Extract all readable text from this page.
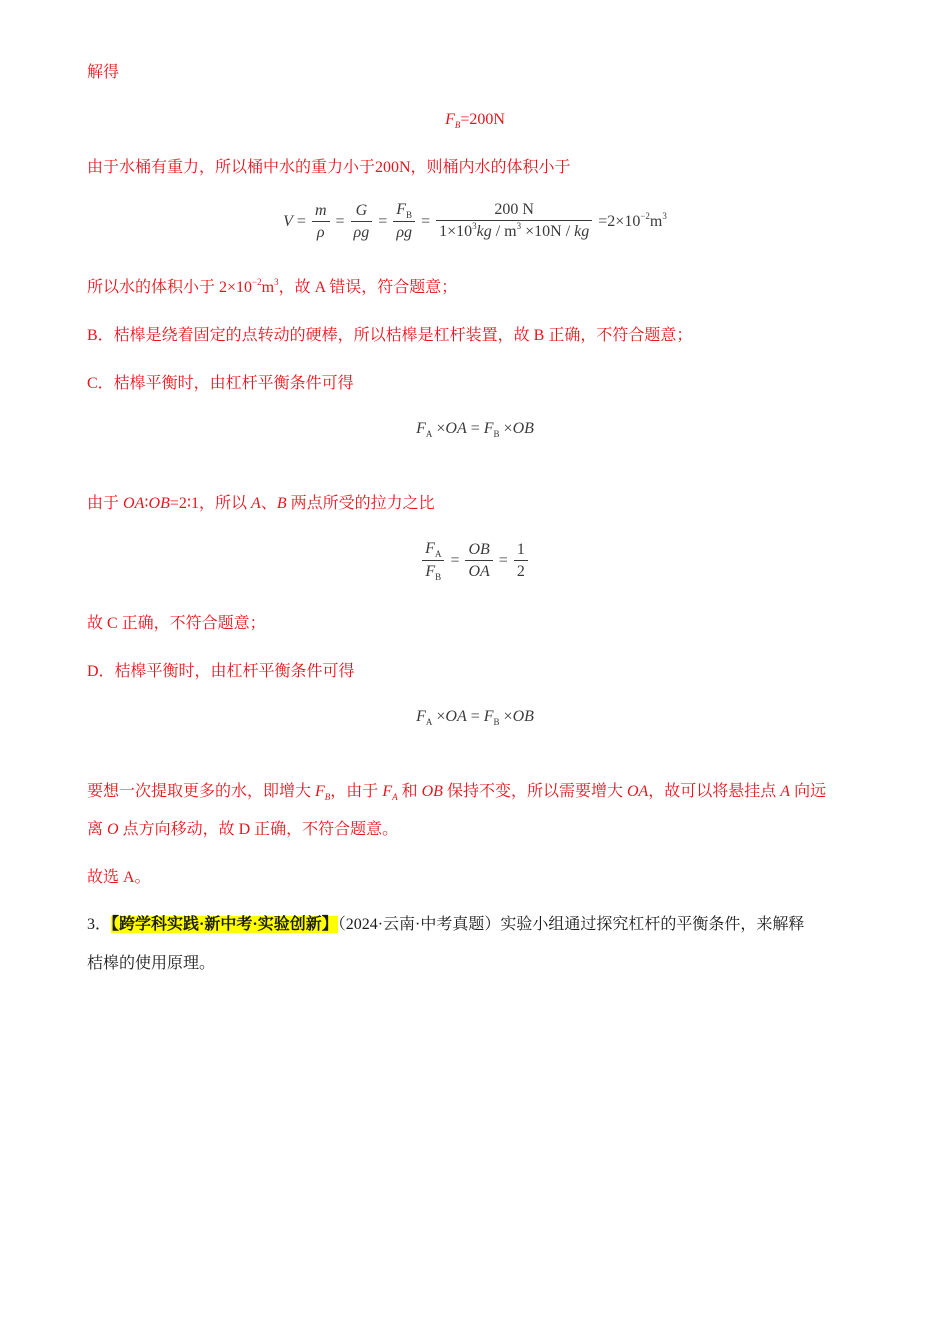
解得
$F_B=200N$
由于水桶有重力，所以桶中水的重力小于200N，则桶内水的体积小于
$V = \frac{m}{\rho} = \frac{G}{\rho g} = \frac{F_B}{\rho g} = \frac{200 N}{1\times 10^3kg / m^3 \times 10N / kg} =2\times 10^{-2}m^3$
所以水的体积小于 $2\times 10^{-2}m^3$，故 A 错误，符合题意；
B．桔槔是绕着固定的点转动的硬棒，所以桔槔是杠杆装置，故 B 正确，不符合题意；
C．桔槔平衡时，由杠杆平衡条件可得
$F_A \times OA = F_B \times OB$
由于 OA∶OB=2∶1，所以 A、B 两点所受的拉力之比
$\frac{F_A}{F_B} = \frac{OB}{OA} = \frac{1}{2}$
故 C 正确，不符合题意；
D．桔槔平衡时，由杠杆平衡条件可得
$F_A \times OA = F_B \times OB$
要想一次提取更多的水，即增大 $F_B$，由于 $F_A$ 和 OB 保持不变，所以需要增大 OA，故可以将悬挂点 A 向远
离 O 点方向移动，故 D 正确，不符合题意。
故选 A。
3．【跨学科实践·新中考·实验创新】（2024·云南·中考真题）实验小组通过探究杠杆的平衡条件，来解释
桔槔的使用原理。
